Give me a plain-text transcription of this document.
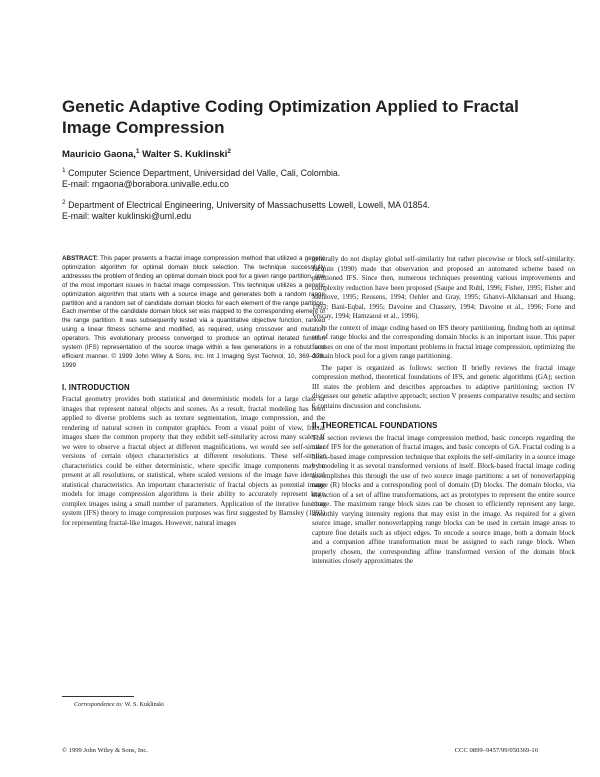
Genetic Adaptive Coding Optimization Applied to Fractal Image Compression
Mauricio Gaona,$^1$ Walter S. Kuklinski$^2$
$^1$ Computer Science Department, Universidad del Valle, Cali, Colombia.
E-mail: mgaona@borabora.univalle.edu.co
$^2$ Department of Electrical Engineering, University of Massachusetts Lowell, Lowell, MA 01854.
E-mail: walter kuklinski@uml.edu

ABSTRACT: This paper presents a fractal image compression method that utilized a genetic optimization algorithm for optimal domain block selection. The technique successfully addresses the problem of finding an optimal domain block pool for a given range partition, one of the most important issues in fractal image compression. This technique utilizes a genetic optimization algorithm that starts with a source image and generates both a random range partition and a random set of candidate domain blocks for each element of the range partition. Each member of the candidate domain block set was mapped to the corresponding element of the range partition. It was subsequently tested via a quantitative objective function, ranked using a linear fitness scheme and modified, as required, using crossover and mutation operators. This evolutionary process converged to produce an optimal iterated function system (IFS) representation of the source image within a few generations in a robust and efficient manner. © 1999 John Wiley & Sons, Inc. Int J Imaging Syst Technol, 10, 369–378, 1999

I. INTRODUCTION

Fractal geometry provides both statistical and deterministic models for a large class of images that represent natural objects and scenes. As a result, fractal modeling has been applied to diverse problems such as texture segmentation, image compression, and the rendering of natural screen in computer graphics. From a visual point of view, fractal images share the common property that they exhibit self-similarity across many scales. If we were to observe a fractal object at different magnifications, we would see self-similar versions of certain object characteristics at different resolutions. These self-similar characteristics could be either deterministic, where specific image components may be present at all resolutions, or statistical, where scaled versions of the image have identical statistical characteristics. An important characteristic of fractal objects as potential image models for image compression algorithms is their ability to accurately represent large complex images using a small number of parameters. Application of the iterative function system (IFS) theory to image compression purposes was first suggested by Barnsley (1993) for representing fractal-like images. However, natural images

generally do not display global self-similarity but rather piecewise or block self-similarity. Jacquin (1990) made that observation and proposed an automated scheme based on partitioned IFS. Since then, numerous techniques presenting various improvements and complexity reduction have been proposed (Saupe and Ruhl, 1996; Fisher, 1995; Fisher and Menlove, 1995; Reusens, 1994; Oehler and Gray, 1995; Ghanvi-Alkhansari and Huang, 1993; Bani-Eqbal, 1995; Davoine and Chassery, 1994; Davoine et al., 1996; Forte and Vrscay, 1994; Hamzaoui et al., 1996).

In the context of image coding based on IFS theory partitioning, finding both an optimal set of range blocks and the corresponding domain blocks is an important issue. This paper focuses on one of the most important problems in fractal image compression, optimizing the domain block pool for a given range partitioning.

The paper is organized as follows: section II briefly reviews the fractal image compression method, theoretical foundations of IFS, and genetic algorithms (GA); section III states the problem and describes approaches to adaptive partitioning; section IV discusses our genetic adaptive approach; section V presents comparative results; and section 6 contains discussion and conclusions.

II. THEORETICAL FOUNDATIONS

This section reviews the fractal image compression method, basic concepts regarding the use of IFS for the generation of fractal images, and basic concepts of GA. Fractal coding is a block-based image compression technique that exploits the self-similarity in a source image by modeling it as several transformed versions of itself. Block-based fractal image coding accomplishes this through the use of two source image partitions: a set of nonoverlapping range (R) blocks and a corresponding pool of domain (D) blocks. The domain blocks, via the action of a set of affine transformations, act as prototypes to represent the entire source image. The maximum range block sizes can be chosen to efficiently represent any large, smoothly varying intensity regions that may exist in the image. As required for a given source image, smaller nonoverlapping range blocks can be used in certain image areas to capture fine details such as object edges. To encode a source image, both a domain block and a companion affine transformation must be assigned to each range block. When properly chosen, the corresponding affine transformed version of the domain block intensities closely approximates the

Correspondence to: W. S. Kuklinski
© 1999 John Wiley & Sons, Inc.	CCC 0899–9457/99/050369-10
